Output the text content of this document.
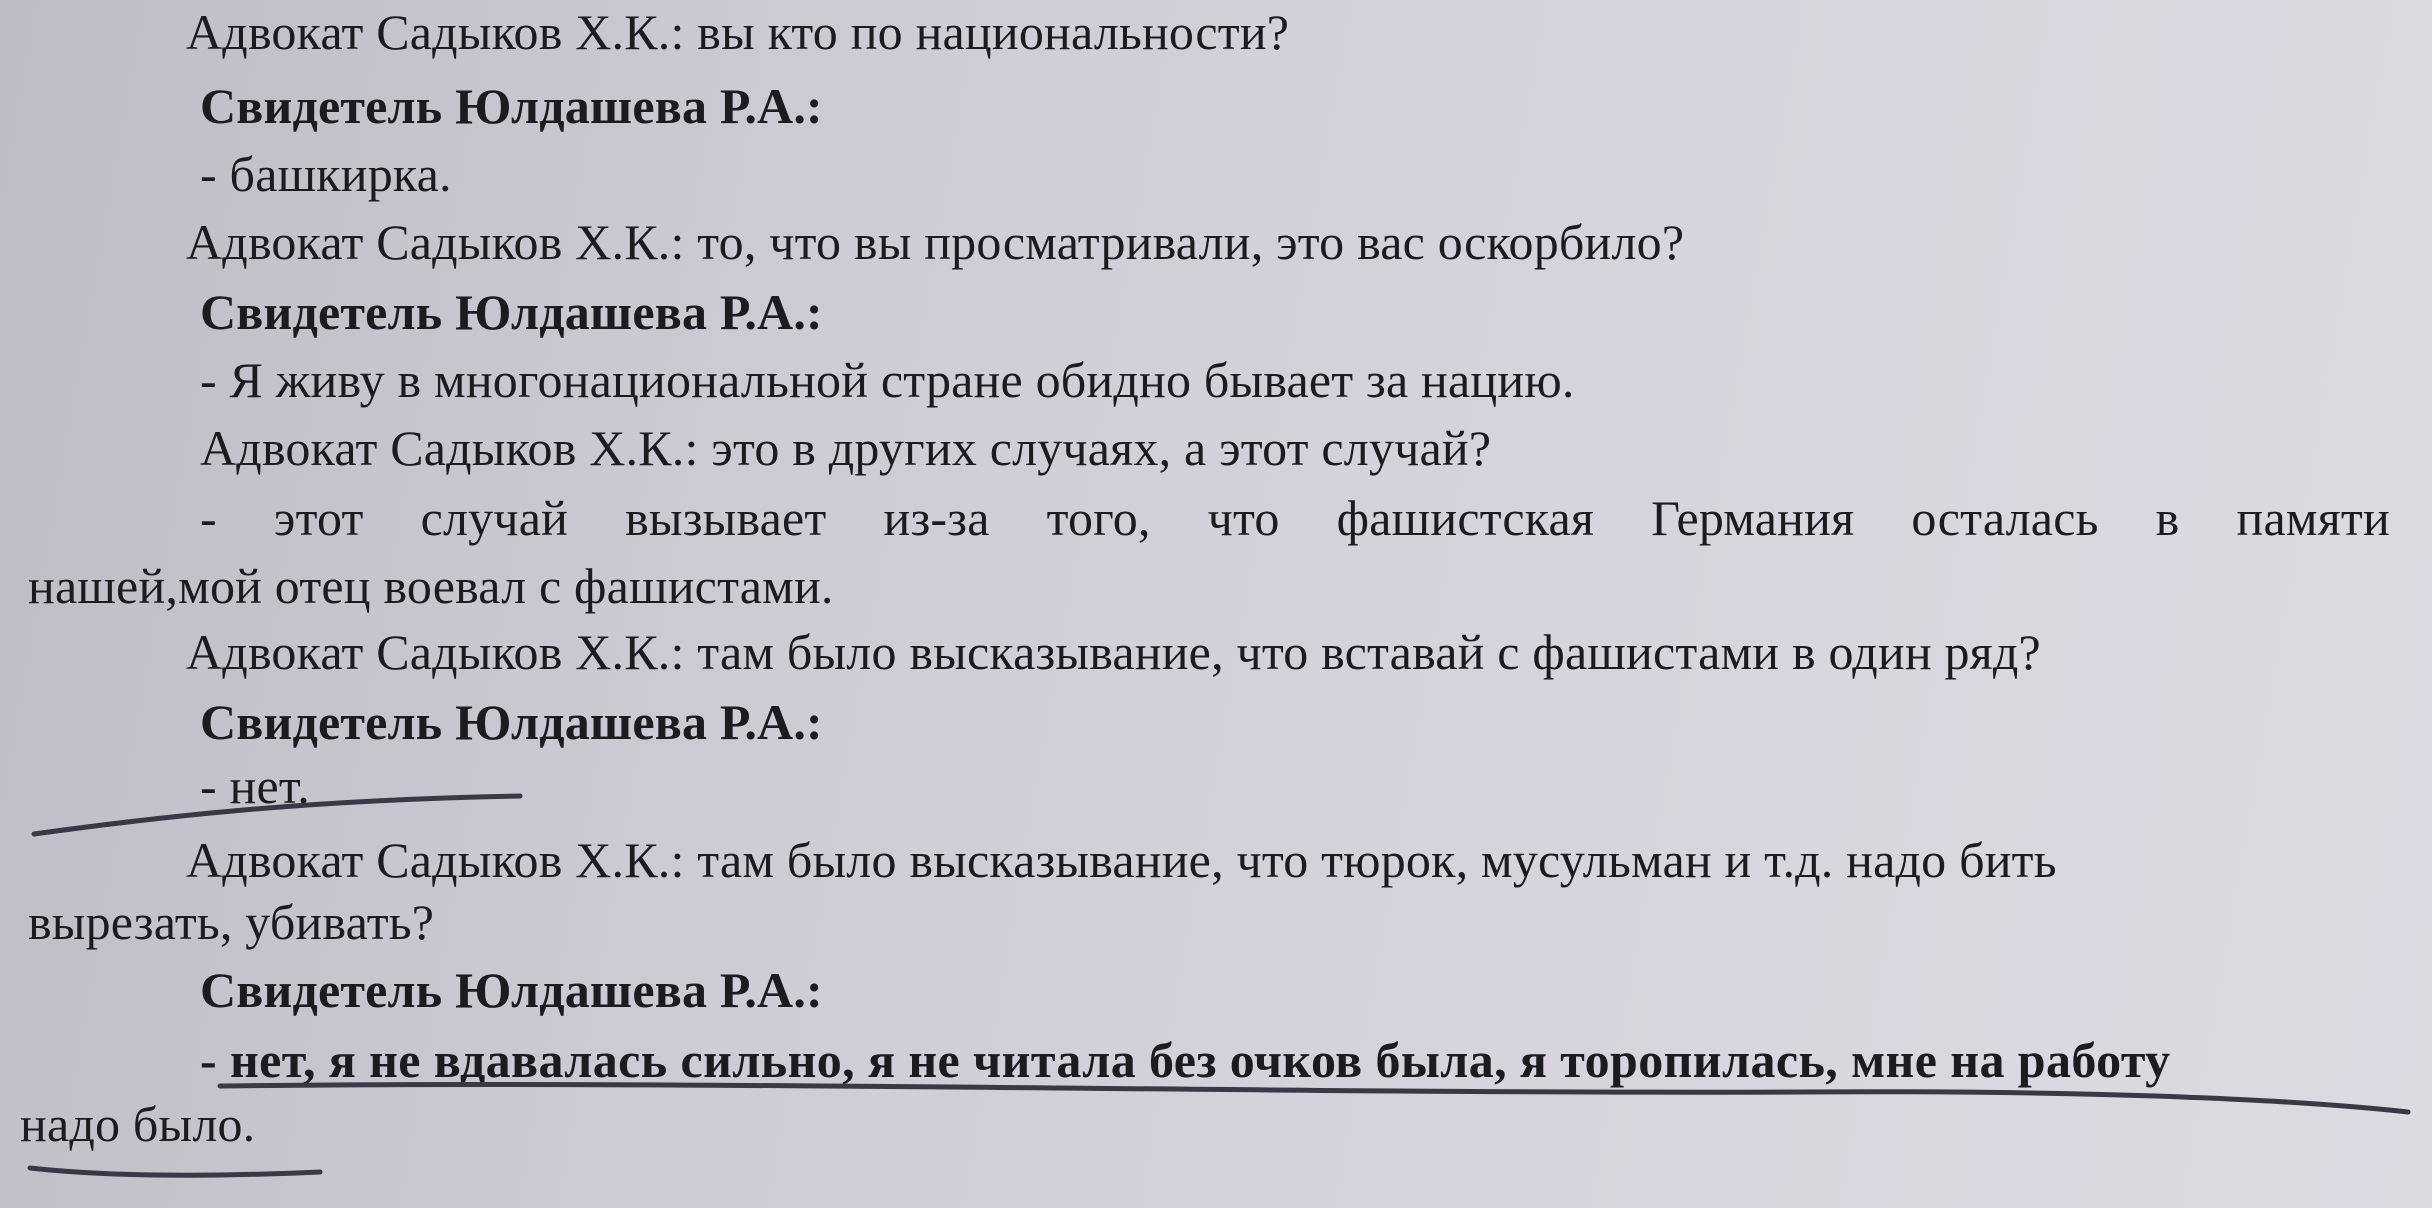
Адвокат Садыков Х.К.: вы кто по национальности?
Свидетель Юлдашева Р.А.:
- башкирка.
Адвокат Садыков Х.К.: то, что вы просматривали, это вас оскорбило?
Свидетель Юлдашева Р.А.:
- Я живу в многонациональной стране обидно бывает за нацию.
Адвокат Садыков Х.К.: это в других случаях, а этот случай?
- этот случай вызывает из-за того, что фашистская Германия осталась в памяти
нашей,мой отец воевал с фашистами.
Адвокат Садыков Х.К.: там было высказывание, что вставай с фашистами в один ряд?
Свидетель Юлдашева Р.А.:
- нет.
Адвокат Садыков Х.К.: там было высказывание, что тюрок, мусульман и т.д. надо бить
вырезать, убивать?
Свидетель Юлдашева Р.А.:
- нет, я не вдавалась сильно, я не читала без очков была, я торопилась, мне на работу
надо было.
